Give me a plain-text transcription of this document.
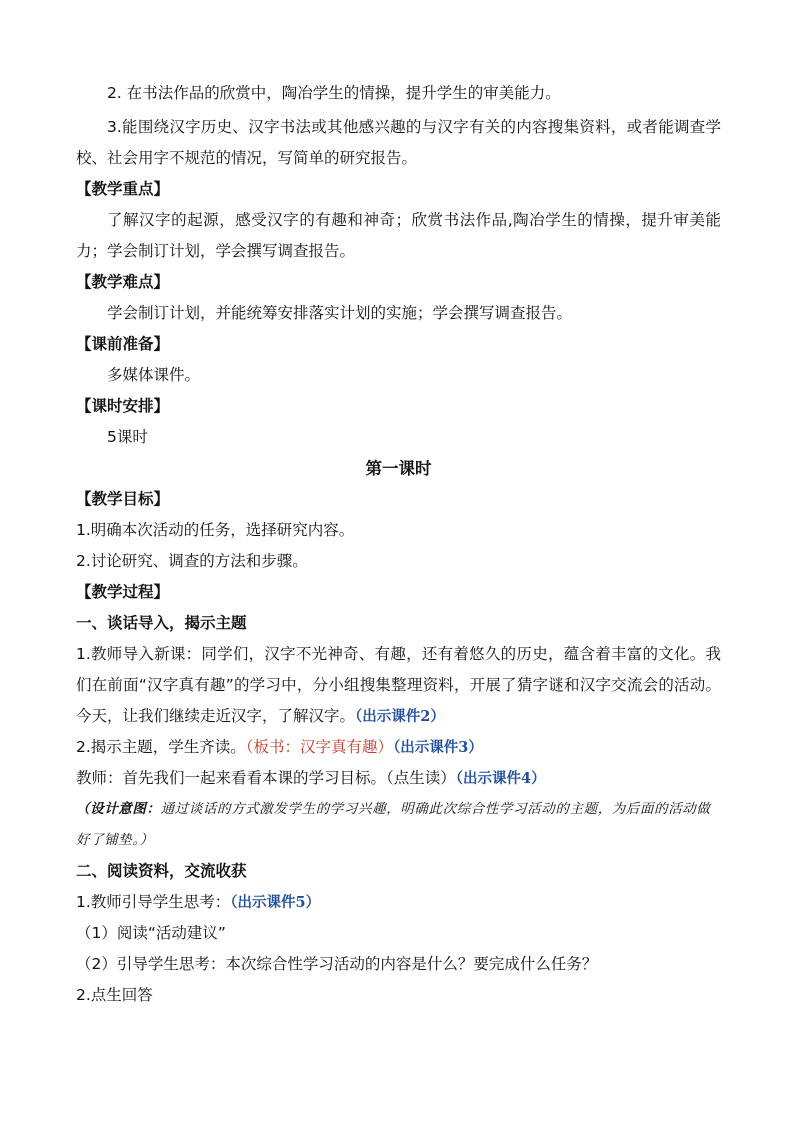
2. 在书法作品的欣赏中，陶冶学生的情操，提升学生的审美能力。
3.能围绕汉字历史、汉字书法或其他感兴趣的与汉字有关的内容搜集资料，或者能调查学校、社会用字不规范的情况，写简单的研究报告。
【教学重点】
了解汉字的起源，感受汉字的有趣和神奇；欣赏书法作品,陶冶学生的情操，提升审美能力；学会制订计划，学会撰写调查报告。
【教学难点】
学会制订计划，并能统筹安排落实计划的实施；学会撰写调查报告。
【课前准备】
多媒体课件。
【课时安排】
5课时
第一课时
【教学目标】
1.明确本次活动的任务，选择研究内容。
2.讨论研究、调查的方法和步骤。
【教学过程】
一、谈话导入，揭示主题
1.教师导入新课：同学们，汉字不光神奇、有趣，还有着悠久的历史，蕴含着丰富的文化。我们在前面“汉字真有趣”的学习中，分小组搜集整理资料，开展了猜字谜和汉字交流会的活动。今天，让我们继续走近汉字，了解汉字。（出示课件2）
2.揭示主题，学生齐读。（板书：汉字真有趣）（出示课件3）
教师：首先我们一起来看看本课的学习目标。（点生读）（出示课件4）
（设计意图：通过谈话的方式激发学生的学习兴趣，明确此次综合性学习活动的主题，为后面的活动做好了铺垫。）
二、阅读资料，交流收获
1.教师引导学生思考：（出示课件5）
（1）阅读“活动建议”
（2）引导学生思考：本次综合性学习活动的内容是什么？要完成什么任务？
2.点生回答
